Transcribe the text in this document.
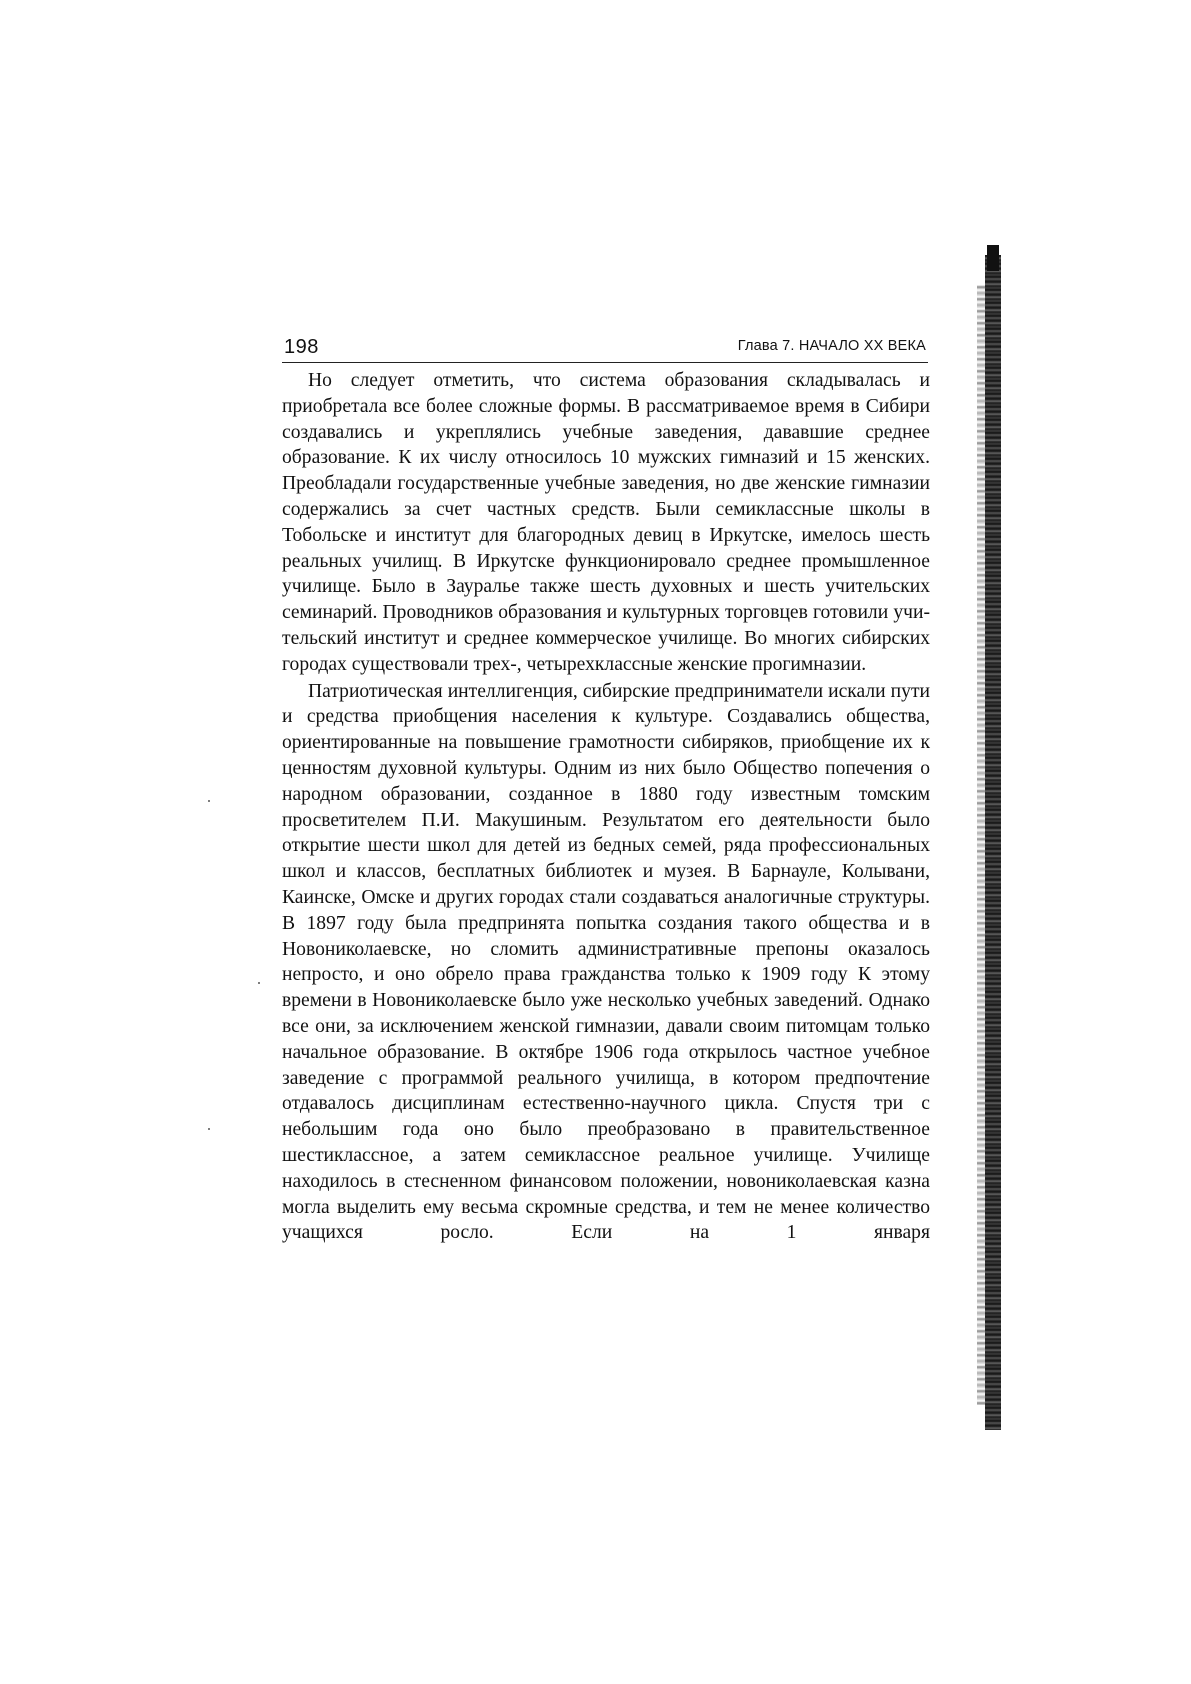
198	Глава 7. НАЧАЛО XX ВЕКА

Но следует отметить, что система образования складывалась и приобретала все более сложные формы. В рассматриваемое время в Сибири создавались и укреплялись учебные заведения, дававшие среднее образование. К их числу относилось 10 мужских гимназий и 15 женских. Преобладали государственные учебные заведения, но две женские гимназии содержались за счет частных средств. Были семиклассные школы в Тобольске и институт для благородных девиц в Иркутске, имелось шесть реальных училищ. В Иркутске функционировало среднее промышленное училище. Было в Зауралье также шесть духовных и шесть учительских семинарий. Проводников образования и культурных торговцев готовили учительский институт и среднее коммерческое училище. Во многих сибирских городах существовали трех-, четырехклассные женские прогимназии.

Патриотическая интеллигенция, сибирские предприниматели искали пути и средства приобщения населения к культуре. Создавались общества, ориентированные на повышение грамотности сибиряков, приобщение их к ценностям духовной культуры. Одним из них было Общество попечения о народном образовании, созданное в 1880 году известным томским просветителем П.И. Макушиным. Результатом его деятельности было открытие шести школ для детей из бедных семей, ряда профессиональных школ и классов, бесплатных библиотек и музея. В Барнауле, Колывани, Каинске, Омске и других городах стали создаваться аналогичные структуры. В 1897 году была предпринята попытка создания такого общества и в Новониколаевске, но сломить административные препоны оказалось непросто, и оно обрело права гражданства только к 1909 году К этому времени в Новониколаевске было уже несколько учебных заведений. Однако все они, за исключением женской гимназии, давали своим питомцам только начальное образование. В октябре 1906 года открылось частное учебное заведение с программой реального училища, в котором предпочтение отдавалось дисциплинам естественно-научного цикла. Спустя три с небольшим года оно было преобразовано в правительственное шестиклассное, а затем семиклассное реальное училище. Училище находилось в стесненном финансовом положении, новониколаевская казна могла выделить ему весьма скромные средства, и тем не менее количество учащихся росло. Если на 1 января
